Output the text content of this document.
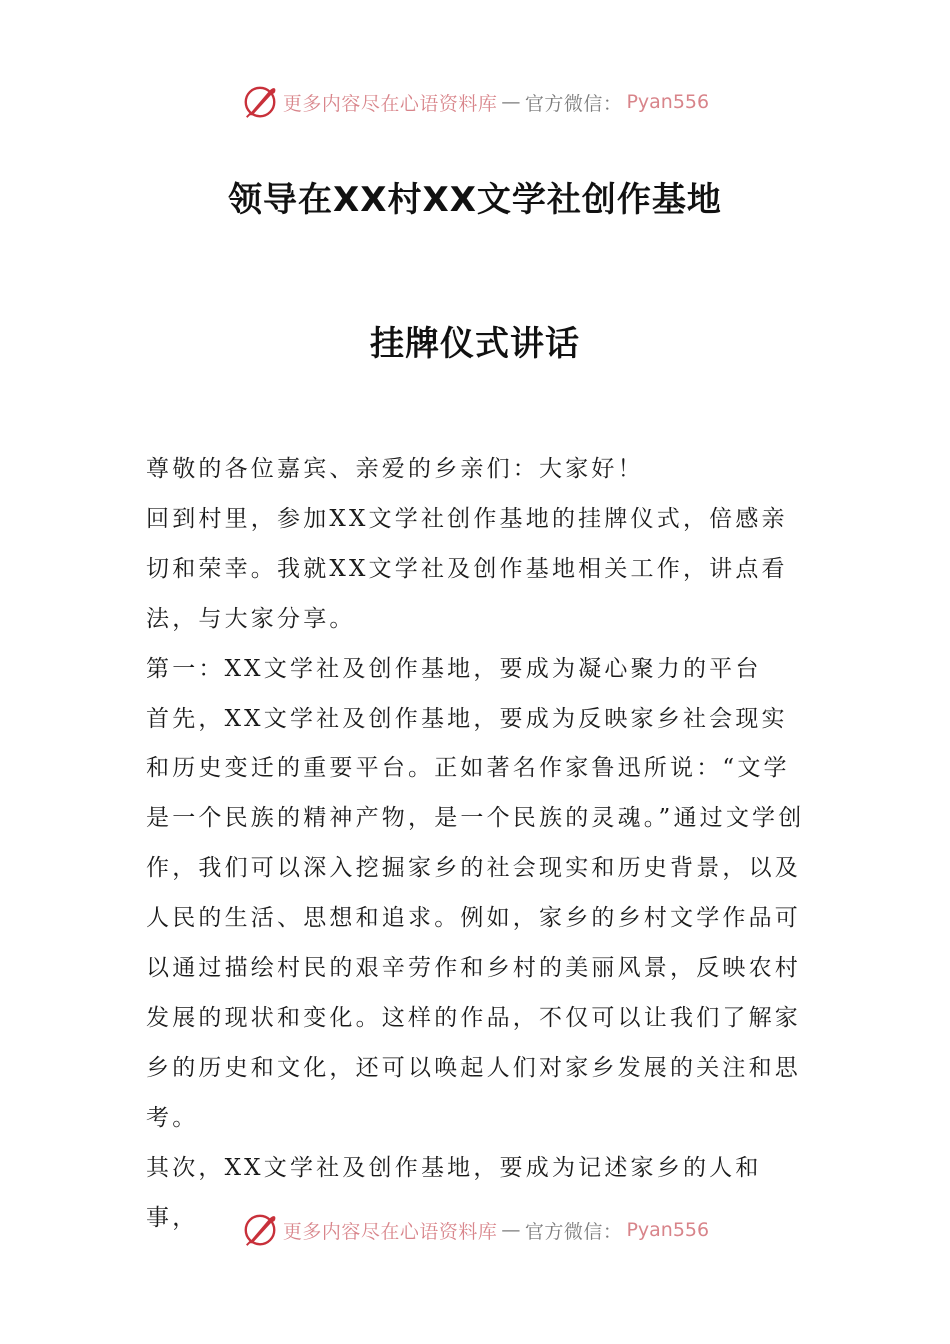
更多内容尽在心语资料库 — 官方微信： Pyan556
领导在XX村XX文学社创作基地
挂牌仪式讲话

尊敬的各位嘉宾、亲爱的乡亲们：大家好！

回到村里，参加XX文学社创作基地的挂牌仪式，倍感亲切和荣幸。我就XX文学社及创作基地相关工作，讲点看法，与大家分享。

第一：XX文学社及创作基地，要成为凝心聚力的平台

首先，XX文学社及创作基地，要成为反映家乡社会现实和历史变迁的重要平台。正如著名作家鲁迅所说：“文学是一个民族的精神产物，是一个民族的灵魂。”通过文学创作，我们可以深入挖掘家乡的社会现实和历史背景，以及人民的生活、思想和追求。例如，家乡的乡村文学作品可以通过描绘村民的艰辛劳作和乡村的美丽风景，反映农村发展的现状和变化。这样的作品，不仅可以让我们了解家乡的历史和文化，还可以唤起人们对家乡发展的关注和思考。

其次，XX文学社及创作基地，要成为记述家乡的人和事，

更多内容尽在心语资料库 — 官方微信： Pyan556
